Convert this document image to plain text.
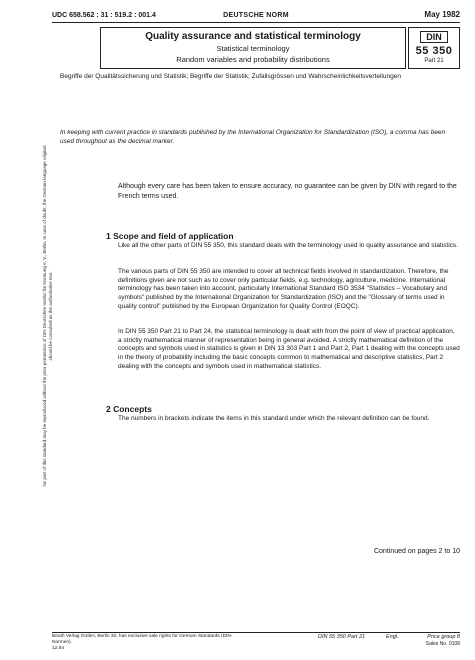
UDC 658.562 : 31 : 519.2 : 001.4	DEUTSCHE NORM	May 1982
Quality assurance and statistical terminology
Statistical terminology
Random variables and probability distributions
DIN
55 350
Part 21
Begriffe der Qualitätssicherung und Statistik; Begriffe der Statistik; Zufallsgrössen und Wahrscheinlichkeitsverteilungen
In keeping with current practice in standards published by the International Organization for Standardization (ISO), a comma has been used throughout as the decimal marker.
No part of this standard may be reproduced without the prior permission of DIN Deutsches Institut für Normung e. V., Berlin. In case of doubt, the German-language original should be consulted as the authoritative text.
Although every care has been taken to ensure accuracy, no guarantee can be given by DIN with regard to the French terms used.
1 Scope and field of application
Like all the other parts of DIN 55 350, this standard deals with the terminology used in quality assurance and statistics.
The various parts of DIN 55 350 are intended to cover all technical fields involved in standardization. Therefore, the definitions given are not such as to cover only particular fields, e.g. technology, agriculture, medicine. International terminology has been taken into account, particularly International Standard ISO 3534 "Statistics – Vocabulary and symbols" published by the International Organization for Standardization (ISO) and the "Glossary of terms used in quality control" published by the European Organization for Quality Control (EOQC).
In DIN 55 350 Part 21 to Part 24, the statistical terminology is dealt with from the point of view of practical application, a strictly mathematical manner of representation being in general avoided. A strictly mathematical definition of the concepts and symbols used in statistics is given in DIN 13 303 Part 1 and Part 2, Part 1 dealing with the concepts used in the theory of probability including the basic concepts common to mathematical and descriptive statistics, Part 2 dealing with the concepts and symbols used in mathematical statistics.
2 Concepts
The numbers in brackets indicate the items in this standard under which the relevant definition can be found.
Continued on pages 2 to 10
Beuth Verlag GmbH, Berlin 30, has exclusive sale rights for German Standards (DIN-Normen).
12.84
DIN 55 350 Part 21	Engl.	Price group 8
Sales No. 0108
